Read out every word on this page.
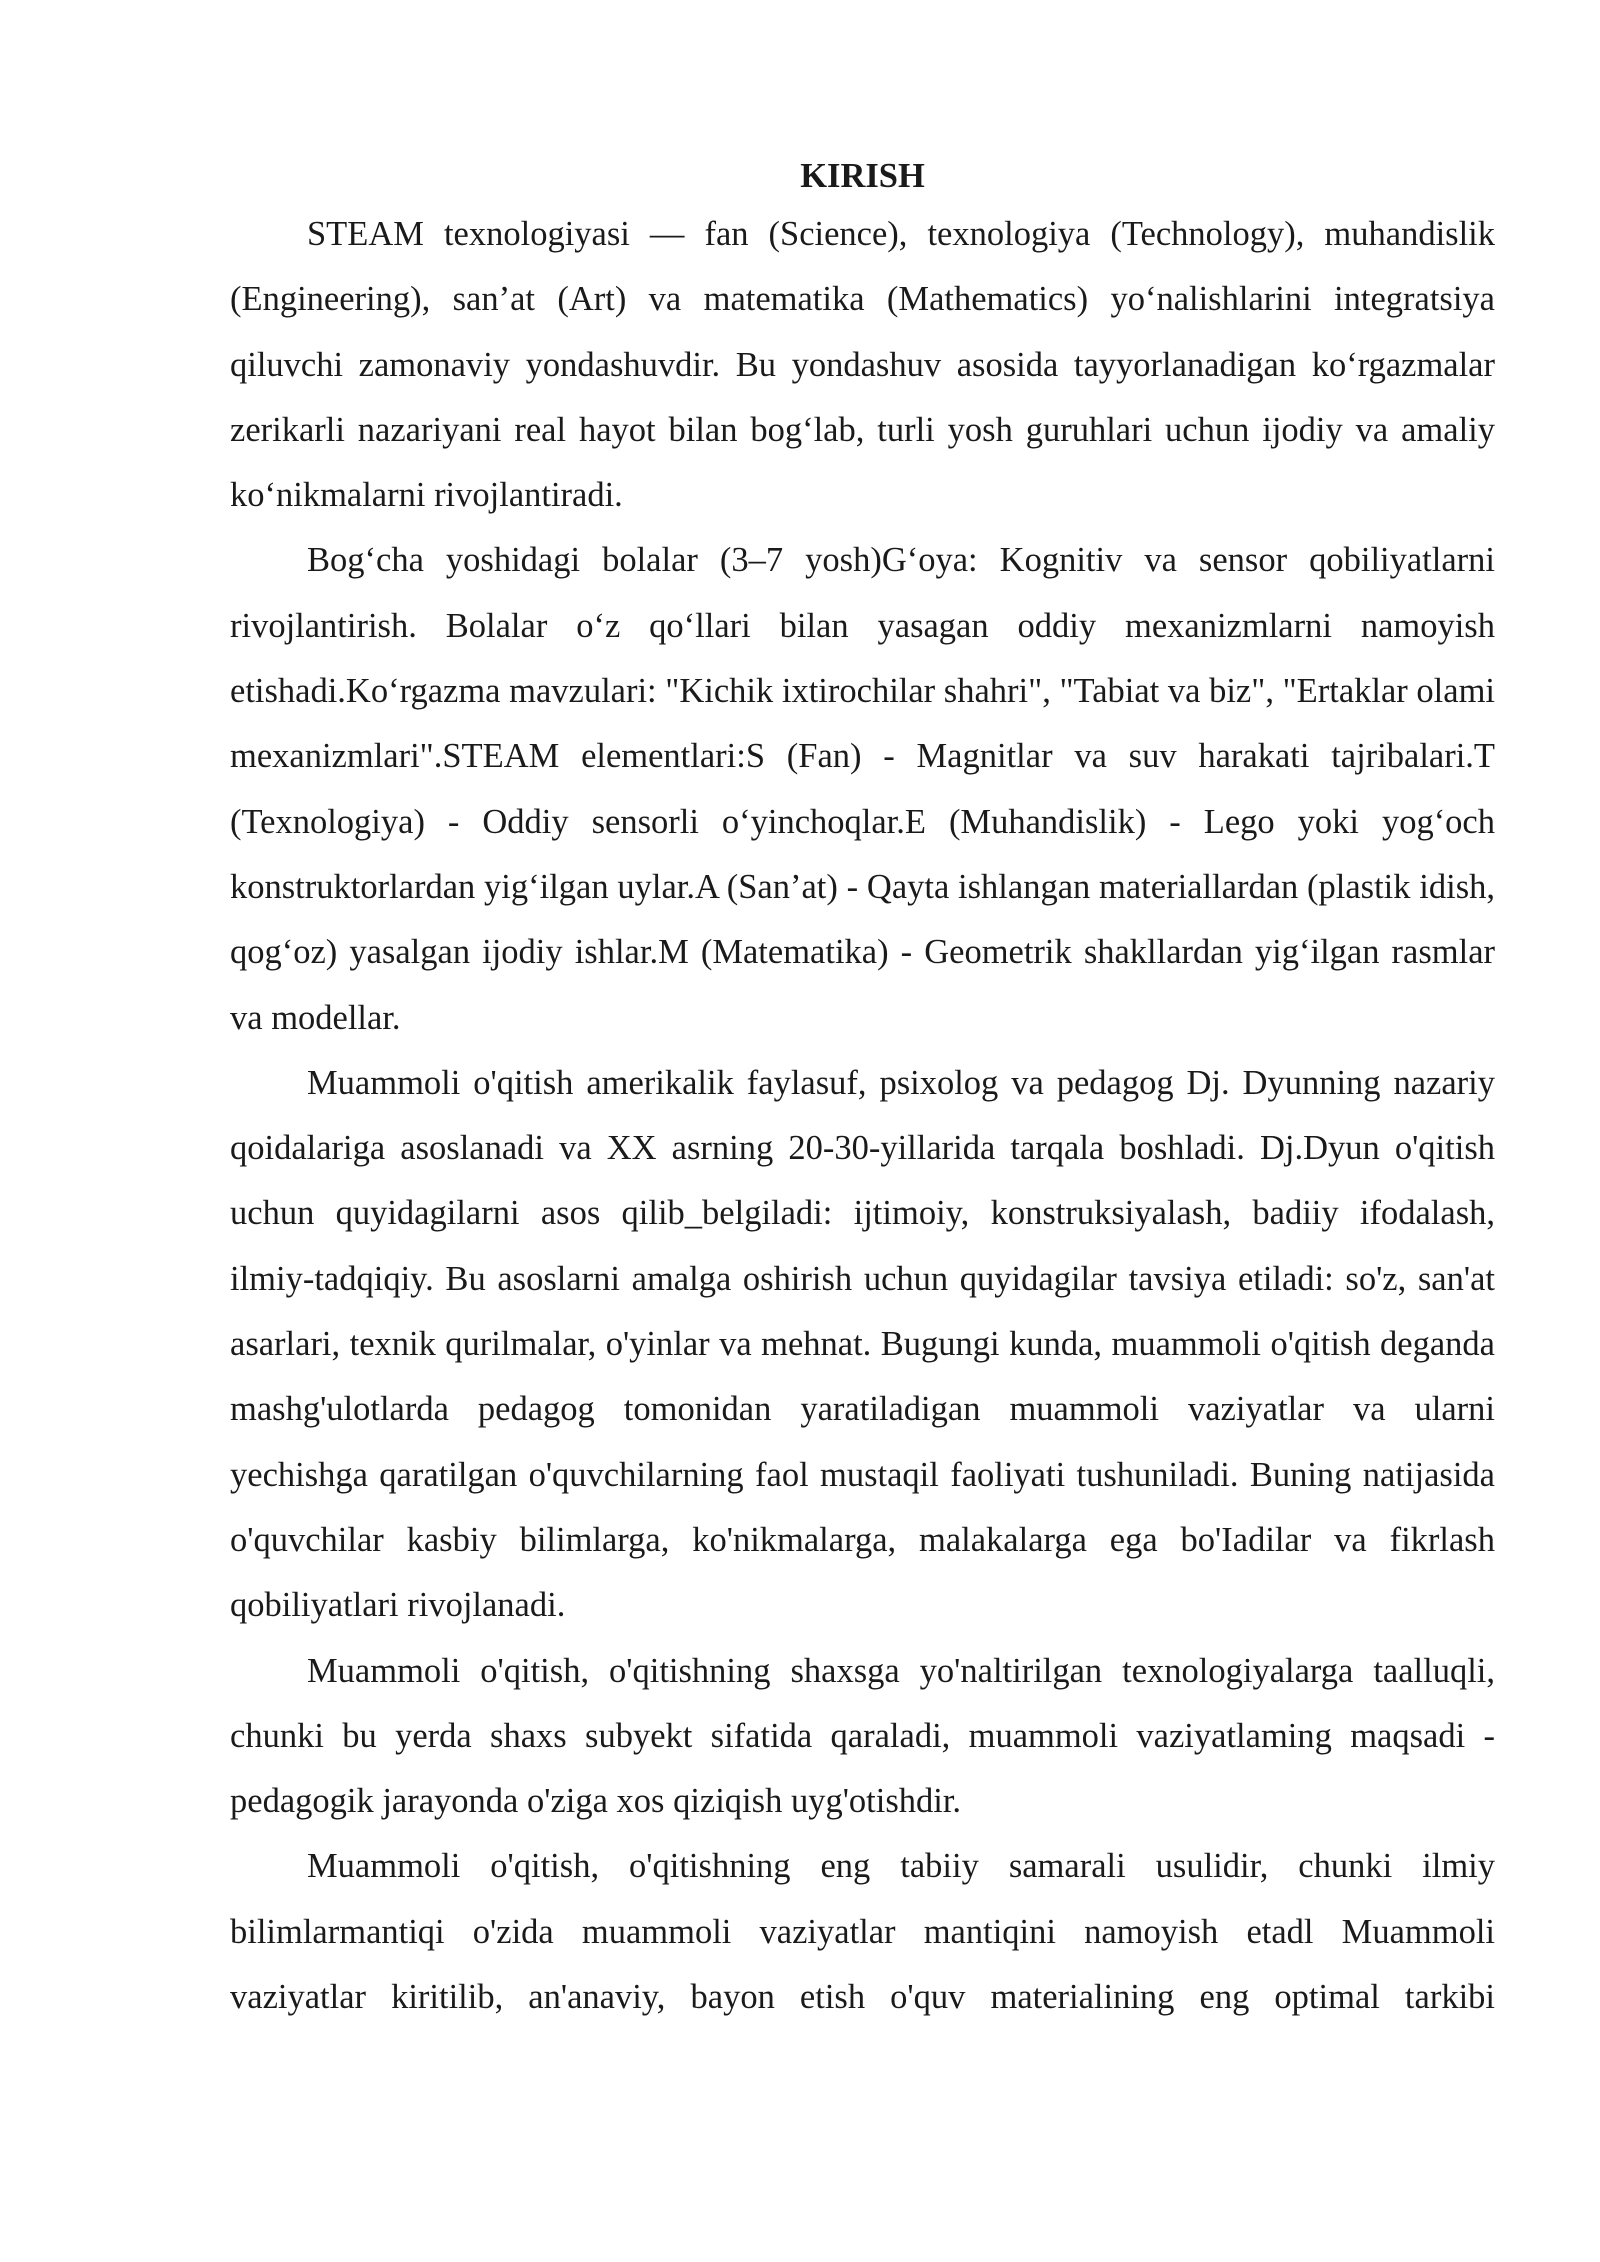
KIRISH

STEAM texnologiyasi — fan (Science), texnologiya (Technology), muhandislik (Engineering), san’at (Art) va matematika (Mathematics) yo‘nalishlarini integratsiya qiluvchi zamonaviy yondashuvdir. Bu yondashuv asosida tayyorlanadigan ko‘rgazmalar zerikarli nazariyani real hayot bilan bog‘lab, turli yosh guruhlari uchun ijodiy va amaliy ko‘nikmalarni rivojlantiradi.

Bog‘cha yoshidagi bolalar (3–7 yosh)G‘oya: Kognitiv va sensor qobiliyatlarni rivojlantirish. Bolalar o‘z qo‘llari bilan yasagan oddiy mexanizmlarni namoyish etishadi.Ko‘rgazma mavzulari: "Kichik ixtirochilar shahri", "Tabiat va biz", "Ertaklar olami mexanizmlari".STEAM elementlari:S (Fan) - Magnitlar va suv harakati tajribalari.T (Texnologiya) - Oddiy sensorli o‘yinchoqlar.E (Muhandislik) - Lego yoki yog‘och konstruktorlardan yig‘ilgan uylar.A (San’at) - Qayta ishlangan materiallardan (plastik idish, qog‘oz) yasalgan ijodiy ishlar.M (Matematika) - Geometrik shakllardan yig‘ilgan rasmlar va modellar.

Muammoli o'qitish amerikalik faylasuf, psixolog va pedagog Dj. Dyunning nazariy qoidalariga asoslanadi va XX asrning 20-30-yillarida tarqala boshladi. Dj.Dyun o'qitish uchun quyidagilarni asos qilib_belgiladi: ijtimoiy, konstruksiyalash, badiiy ifodalash, ilmiy-tadqiqiy. Bu asoslarni amalga oshirish uchun quyidagilar tavsiya etiladi: so'z, san'at asarlari, texnik qurilmalar, o'yinlar va mehnat. Bugungi kunda, muammoli o'qitish deganda mashg'ulotlarda pedagog tomonidan yaratiladigan muammoli vaziyatlar va ularni yechishga qaratilgan o'quvchilarning faol mustaqil faoliyati tushuniladi. Buning natijasida o'quvchilar kasbiy bilimlarga, ko'nikmalarga, malakalarga ega bo'Iadilar va fikrlash qobiliyatlari rivojlanadi.

Muammoli o'qitish, o'qitishning shaxsga yo'naltirilgan texnologiyalarga taalluqli, chunki bu yerda shaxs subyekt sifatida qaraladi, muammoli vaziyatlaming maqsadi -pedagogik jarayonda o'ziga xos qiziqish uyg'otishdir.

Muammoli o'qitish, o'qitishning eng tabiiy samarali usulidir, chunki ilmiy bilimlarmantiqi o'zida muammoli vaziyatlar mantiqini namoyish etadl Muammoli vaziyatlar kiritilib, an'anaviy, bayon etish o'quv materialining eng optimal tarkibi
